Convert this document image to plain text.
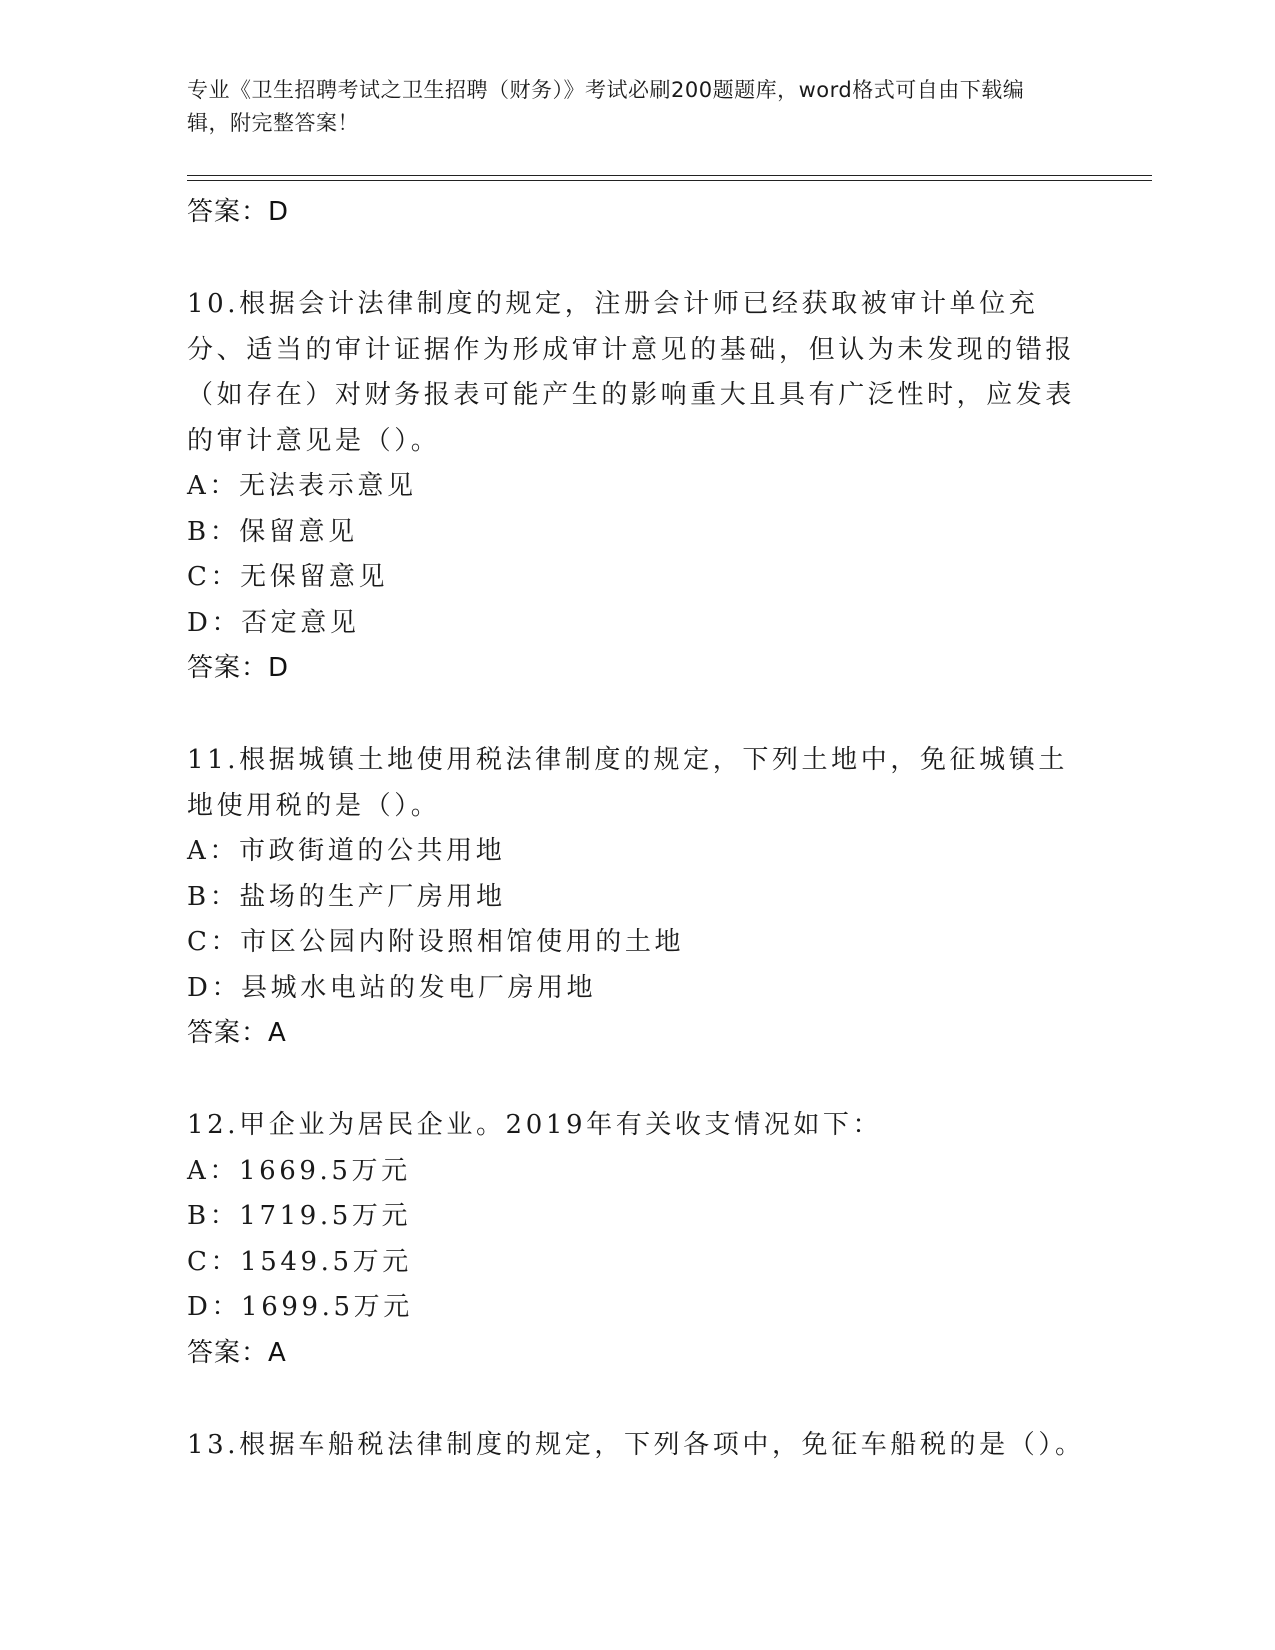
专业《卫生招聘考试之卫生招聘（财务）》考试必刷200题题库，word格式可自由下载编辑，附完整答案！
答案：D
10.根据会计法律制度的规定，注册会计师已经获取被审计单位充分、适当的审计证据作为形成审计意见的基础，但认为未发现的错报（如存在）对财务报表可能产生的影响重大且具有广泛性时，应发表的审计意见是（）。
A：无法表示意见
B：保留意见
C：无保留意见
D：否定意见
答案：D
11.根据城镇土地使用税法律制度的规定，下列土地中，免征城镇土地使用税的是（）。
A：市政街道的公共用地
B：盐场的生产厂房用地
C：市区公园内附设照相馆使用的土地
D：县城水电站的发电厂房用地
答案：A
12.甲企业为居民企业。2019年有关收支情况如下：
A：1669.5万元
B：1719.5万元
C：1549.5万元
D：1699.5万元
答案：A
13.根据车船税法律制度的规定，下列各项中，免征车船税的是（）。
